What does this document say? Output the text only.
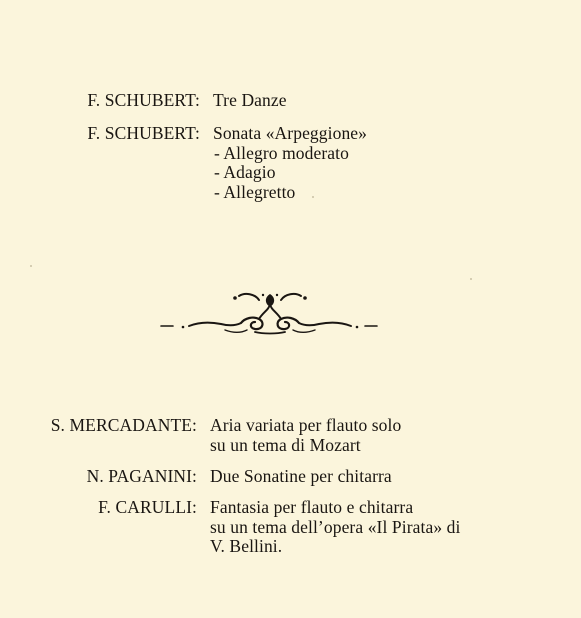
F. SCHUBERT: Tre Danze
F. SCHUBERT: Sonata «Arpeggione»
- Allegro moderato
- Adagio
- Allegretto
S. MERCADANTE: Aria variata per flauto solo
su un tema di Mozart
N. PAGANINI: Due Sonatine per chitarra
F. CARULLI: Fantasia per flauto e chitarra
su un tema dell’opera «Il Pirata» di
V. Bellini.
